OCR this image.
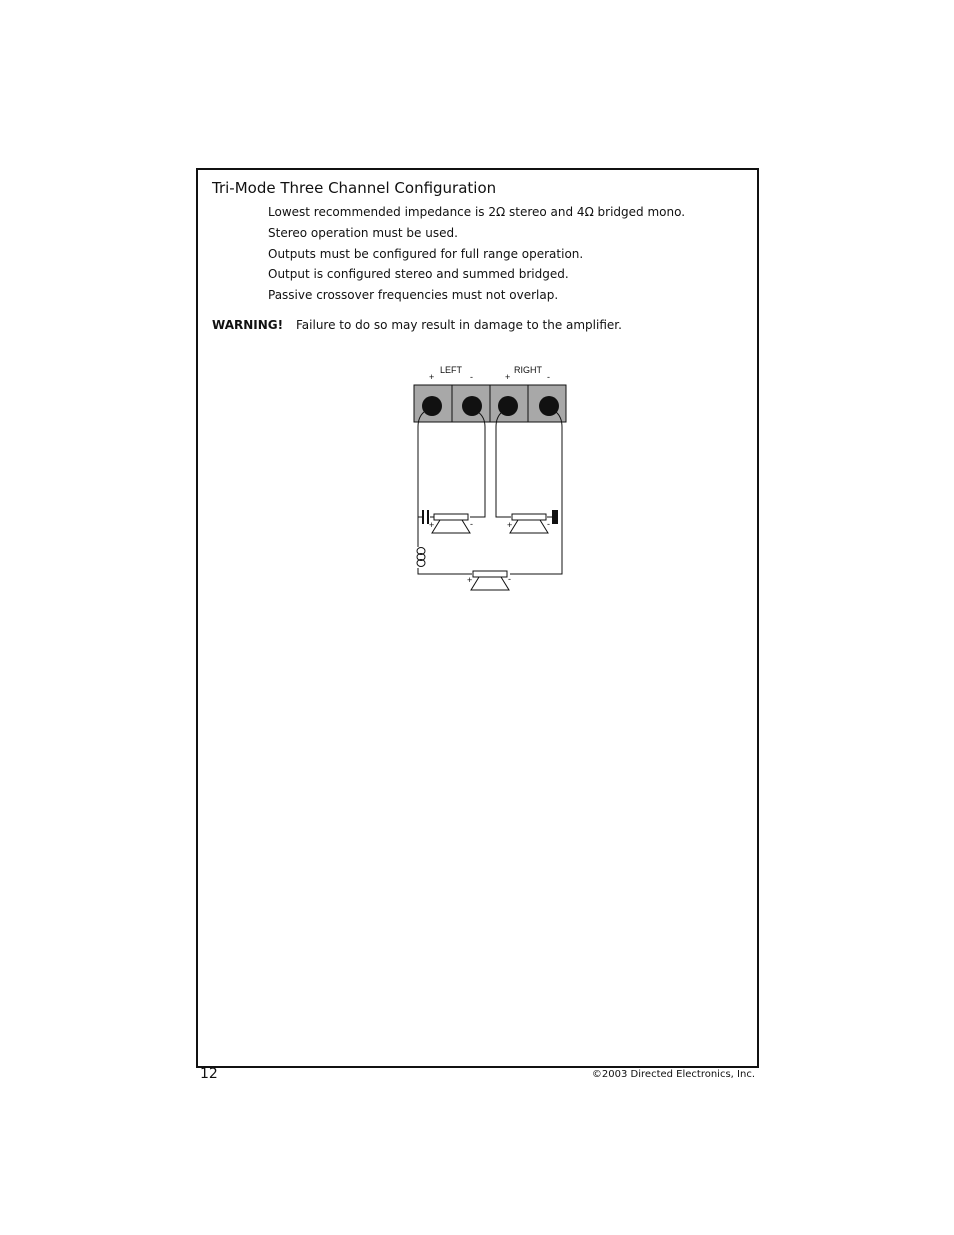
Tri-Mode Three Channel Configuration
Lowest recommended impedance is 2Ω stereo and 4Ω bridged mono.
Stereo operation must be used.
Outputs must be configured for full range operation.
Output is configured stereo and summed bridged.
Passive crossover frequencies must not overlap.
WARNING! Failure to do so may result in damage to the amplifier.
LEFT	RIGHT
+	-	+	-
+	-	+	-
+	-
12	©2003 Directed Electronics, Inc.
